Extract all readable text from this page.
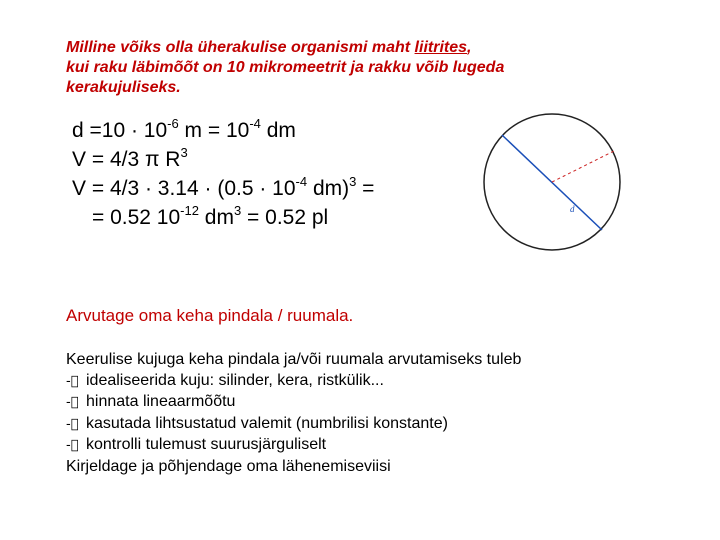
Milline võiks olla üherakulise organismi maht liitrites,
kui raku läbimõõt on 10 mikromeetrit ja rakku võib lugeda
kerakujuliseks.
$d =10 \cdot 10^{-6}$ $m = 10^{-4}$ dm
V = 4/3 π $R^3$
$V = 4/3 \cdot 3.14 \cdot (0.5 \cdot 10^{-4}$ dm)$^3$ =
= 0.52 $10^{-12}$ $dm^3 = 0.52$ pl	d
Arvutage oma keha pindala / ruumala.
Keerulise kujuga keha pindala ja/või ruumala arvutamiseks tuleb
-􀂃 idealiseerida kuju: silinder, kera, ristkülik...
-􀂃 hinnata lineaarmõõtu
-􀂃 kasutada lihtsustatud valemit (numbrilisi konstante)
-􀂃 kontrolli tulemust suurusjärguliselt
Kirjeldage ja põhjendage oma lähenemiseviisi
